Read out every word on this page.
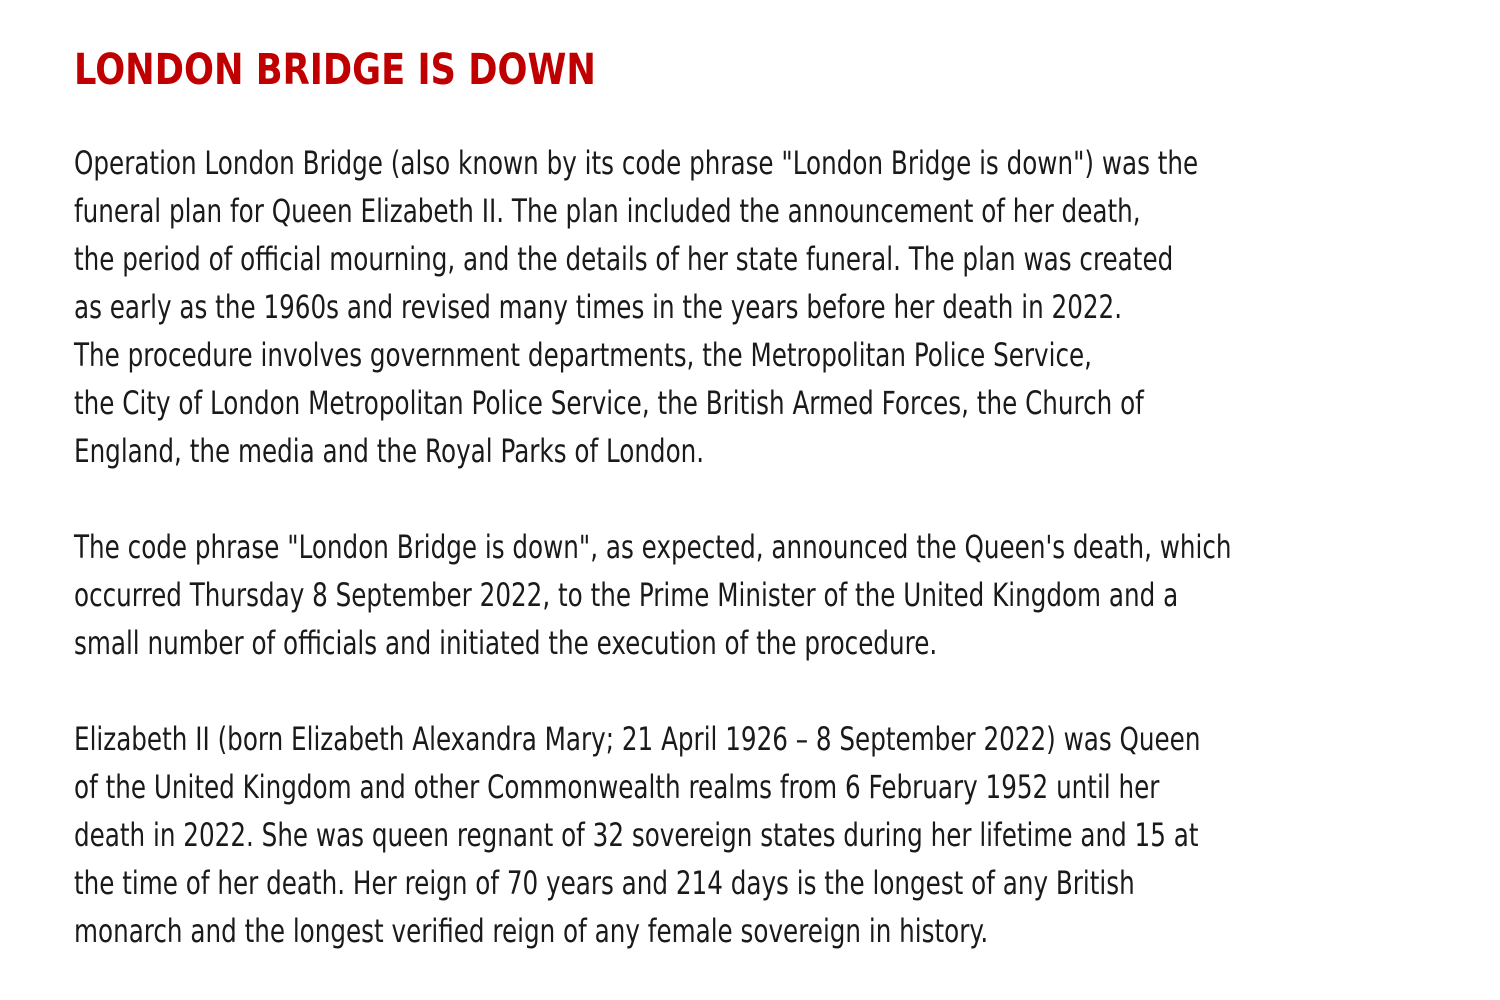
LONDON BRIDGE IS DOWN

Operation London Bridge (also known by its code phrase "London Bridge is down") was the
funeral plan for Queen Elizabeth II. The plan included the announcement of her death,
the period of official mourning, and the details of her state funeral. The plan was created
as early as the 1960s and revised many times in the years before her death in 2022.
The procedure involves government departments, the Metropolitan Police Service,
the City of London Metropolitan Police Service, the British Armed Forces, the Church of
England, the media and the Royal Parks of London.

The code phrase "London Bridge is down", as expected, announced the Queen's death, which
occurred Thursday 8 September 2022, to the Prime Minister of the United Kingdom and a
small number of officials and initiated the execution of the procedure.

Elizabeth II (born Elizabeth Alexandra Mary; 21 April 1926 – 8 September 2022) was Queen
of the United Kingdom and other Commonwealth realms from 6 February 1952 until her
death in 2022. She was queen regnant of 32 sovereign states during her lifetime and 15 at
the time of her death. Her reign of 70 years and 214 days is the longest of any British
monarch and the longest verified reign of any female sovereign in history.
